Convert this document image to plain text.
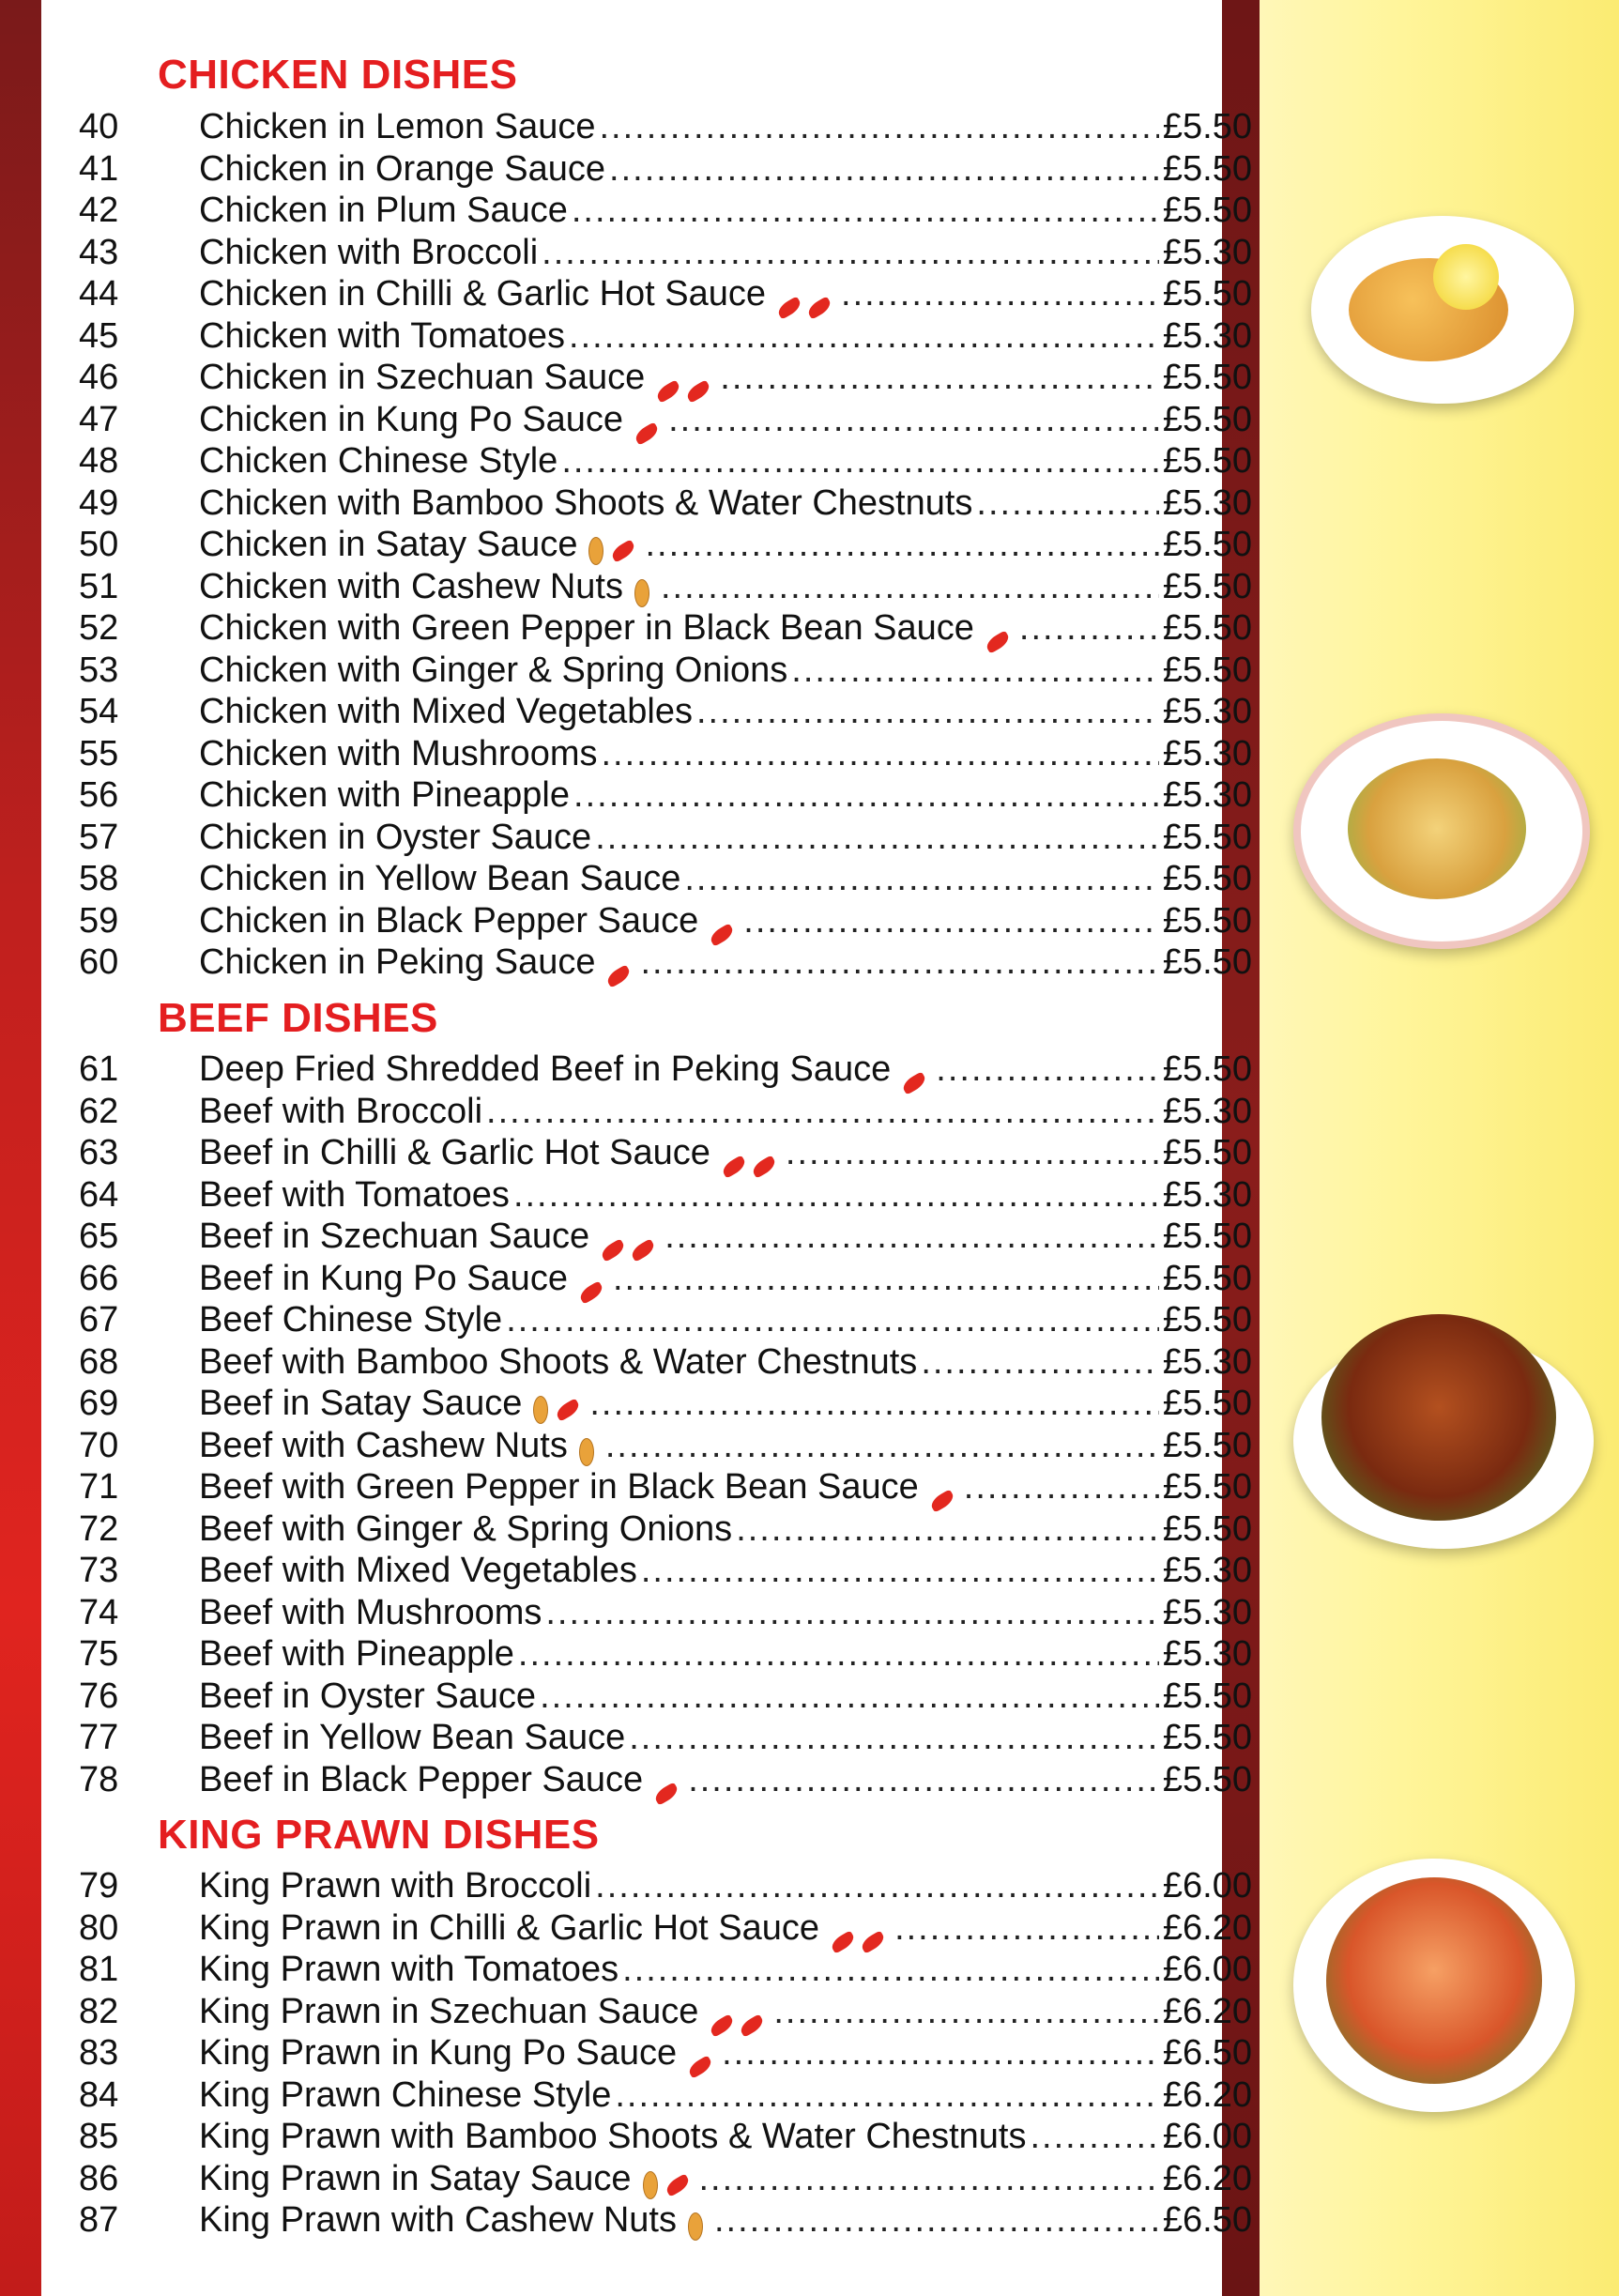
CHICKEN DISHES
40	Chicken in Lemon Sauce .....	£5.50
41	Chicken in Orange Sauce .....	£5.50
42	Chicken in Plum Sauce .....	£5.50
43	Chicken with Broccoli .....	£5.30
44	Chicken in Chilli & Garlic Hot Sauce .....	£5.50
45	Chicken with Tomatoes .....	£5.30
46	Chicken in Szechuan Sauce .....	£5.50
47	Chicken in Kung Po Sauce .....	£5.50
48	Chicken Chinese Style .....	£5.50
49	Chicken with Bamboo Shoots & Water Chestnuts .....	£5.30
50	Chicken in Satay Sauce .....	£5.50
51	Chicken with Cashew Nuts .....	£5.50
52	Chicken with Green Pepper in Black Bean Sauce .....	£5.50
53	Chicken with Ginger & Spring Onions .....	£5.50
54	Chicken with Mixed Vegetables .....	£5.30
55	Chicken with Mushrooms .....	£5.30
56	Chicken with Pineapple .....	£5.30
57	Chicken in Oyster Sauce .....	£5.50
58	Chicken in Yellow Bean Sauce .....	£5.50
59	Chicken in Black Pepper Sauce .....	£5.50
60	Chicken in Peking Sauce .....	£5.50
BEEF DISHES
61	Deep Fried Shredded Beef in Peking Sauce .....	£5.50
62	Beef with Broccoli .....	£5.30
63	Beef in Chilli & Garlic Hot Sauce .....	£5.50
64	Beef with Tomatoes .....	£5.30
65	Beef in Szechuan Sauce .....	£5.50
66	Beef in Kung Po Sauce .....	£5.50
67	Beef Chinese Style .....	£5.50
68	Beef with Bamboo Shoots & Water Chestnuts .....	£5.30
69	Beef in Satay Sauce .....	£5.50
70	Beef with Cashew Nuts .....	£5.50
71	Beef with Green Pepper in Black Bean Sauce .....	£5.50
72	Beef with Ginger & Spring Onions .....	£5.50
73	Beef with Mixed Vegetables .....	£5.30
74	Beef with Mushrooms .....	£5.30
75	Beef with Pineapple .....	£5.30
76	Beef in Oyster Sauce .....	£5.50
77	Beef in Yellow Bean Sauce .....	£5.50
78	Beef in Black Pepper Sauce .....	£5.50
KING PRAWN DISHES
79	King Prawn with Broccoli .....	£6.00
80	King Prawn in Chilli & Garlic Hot Sauce .....	£6.20
81	King Prawn with Tomatoes .....	£6.00
82	King Prawn in Szechuan Sauce .....	£6.20
83	King Prawn in Kung Po Sauce .....	£6.50
84	King Prawn Chinese Style .....	£6.20
85	King Prawn with Bamboo Shoots & Water Chestnuts .....	£6.00
86	King Prawn in Satay Sauce .....	£6.20
87	King Prawn with Cashew Nuts .....	£6.50
